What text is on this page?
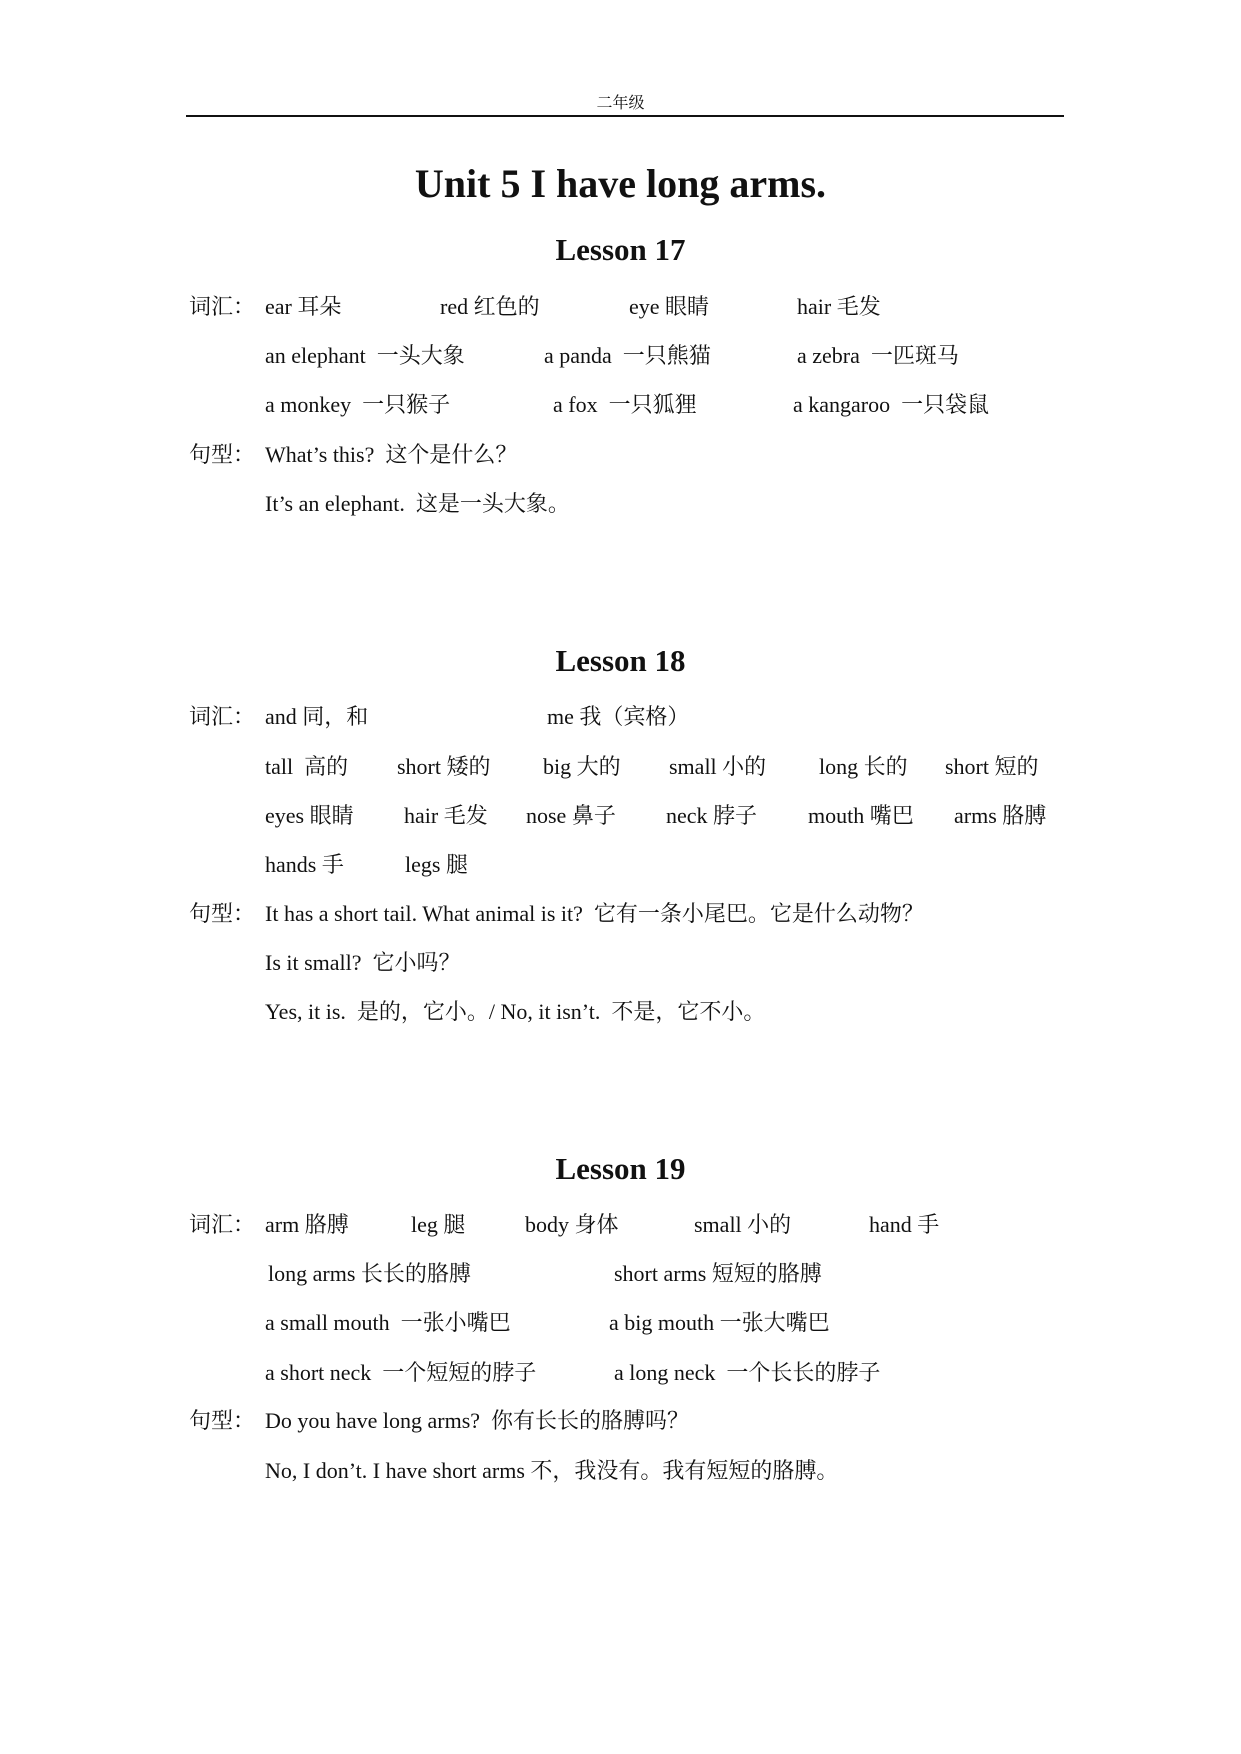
二年级
Unit 5 I have long arms.
Lesson 17
词汇： ear 耳朵	red 红色的	eye 眼睛	hair 毛发
an elephant  一头大象	a panda  一只熊猫	a zebra  一匹斑马
a monkey  一只猴子	a fox  一只狐狸	a kangaroo  一只袋鼠
句型： What’s this?  这个是什么？
It’s an elephant.  这是一头大象。
Lesson 18
词汇： and 同，和	me 我（宾格）
tall  高的 short 矮的 big 大的 small 小的 long 长的 short 短的
eyes 眼睛 hair 毛发 nose 鼻子 neck 脖子 mouth 嘴巴 arms 胳膊
hands 手	legs 腿
句型： It has a short tail. What animal is it?  它有一条小尾巴。它是什么动物？
Is it small?  它小吗？
Yes, it is.  是的，它小。/ No, it isn’t.  不是，它不小。
Lesson 19
词汇： arm 胳膊	leg 腿	body 身体	small 小的	hand 手
long arms 长长的胳膊	short arms 短短的胳膊
a small mouth  一张小嘴巴	a big mouth 一张大嘴巴
a short neck  一个短短的脖子	a long neck  一个长长的脖子
句型： Do you have long arms?  你有长长的胳膊吗？
No, I don’t. I have short arms 不，我没有。我有短短的胳膊。
